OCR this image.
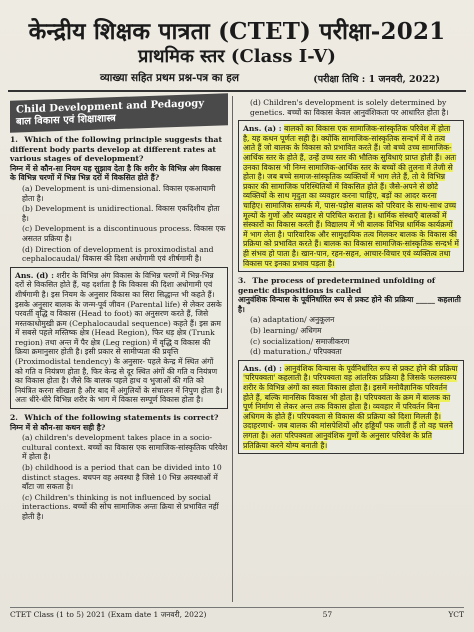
केन्द्रीय शिक्षक पात्रता (CTET) परीक्षा-2021
प्राथमिक स्तर (Class I-V)
व्याख्या सहित प्रथम प्रश्न-पत्र का हल	(परीक्षा तिथि : 1 जनवरी, 2022)
Child Development and Pedagogy
बाल विकास एवं शिक्षाशास्त्र
1. Which of the following principle suggests that different body parts develop at different rates at various stages of development?
निम्न में से कौन-सा नियम यह सुझाव देता है कि शरीर के विभिन्न अंग विकास के विभिन्न चरणों में भिन्न भिन्न दरों में विकसित होते हैं?
(a) Development is uni-dimensional. विकास एकआयामी होता है।
(b) Development is unidirectional. विकास एकदिशीय होता है।
(c) Development is a discontinuous process. विकास एक असतत प्रक्रिया है।
(d) Direction of development is proximodistal and cephalocaudal/ विकास की दिशा अधोगामी एवं शीर्षगामी है।
Ans. (d) : शरीर के विभिन्न अंग विकास के विभिन्न चरणों में भिन्न-भिन्न दरों से विकसित होते हैं, यह दर्शाता है कि विकास की दिशा अधोगामी एवं शीर्षगामी है। इस नियम के अनुसार विकास का सिरा सिद्धान्त भी कहते हैं। इसके अनुसार बालक के जन्म-पूर्व जीवन (Parental life) से लेकर उसके परवर्ती वृद्धि व विकास (Head to foot) का अनुसरण करते हैं, जिसे मस्तकाधोमुखी क्रम (Cephalocaudal sequence) कहते हैं। इस क्रम में सबसे पहले मस्तिष्क क्षेत्र (Head Region), फिर धड़ क्षेत्र (Trunk region) तथा अन्त में पैर क्षेत्र (Leg region) में वृद्धि व विकास की क्रिया क्रमानुसार होती है। इसी प्रकार से सामीप्यता की प्रवृत्ति (Proximodistal tendency) के अनुसार- पहले केन्द्र में स्थित अंगों को गति व नियंत्रण होता है, फिर केन्द्र से दूर स्थित अंगों की गति व नियंत्रण का विकास होता है। जैसे कि बालक पहले हाथ व भुजाओं की गति को नियंत्रित करना सीखता है और बाद में अंगुलियों के संचालन में निपुण होता है। अतः धीरे-धीरे विभिन्न शरीर के भाग में विकास सम्पूर्ण विकास होता है।
2. Which of the following statements is correct?
निम्न में से कौन-सा कथन सही है?
(a) children's development takes place in a socio-cultural context. बच्चों का विकास एक सामाजिक-सांस्कृतिक परिवेश में होता है।
(b) childhood is a period that can be divided into 10 distinct stages. बचपन वह अवस्था है जिसे 10 भिन्न अवस्थाओं में बाँटा जा सकता है।
(c) Children's thinking is not influenced by social interactions. बच्चों की सोच सामाजिक अन्तः क्रिया से प्रभावित नहीं होती है।
(d) Children's development is solely determined by genetics. बच्चों का विकास केवल आनुवंशिकता पर आधारित होता है।
Ans. (a) : बालकों का विकास एक सामाजिक-सांस्कृतिक परिवेश में होता है, यह कथन पूर्णतः सही है। क्योंकि सामाजिक-सांस्कृतिक सन्दर्भ में वे तत्व आते हैं जो बालक के विकास को प्रभावित करते हैं। जो बच्चे उच्च सामाजिक-आर्थिक स्तर के होते हैं, उन्हें उच्च स्तर की भौतिक सुविधाएं प्राप्त होती हैं। अतः उनका विकास भी निम्न सामाजिक-आर्थिक स्तर के बच्चों की तुलना में तेजी से होता है। जब बच्चे समाज-सांस्कृतिक व्यक्तियों में भाग लेते हैं, तो वे विभिन्न प्रकार की सामाजिक परिस्थितियों में विकसित होते हैं। जैसे-अपने से छोटे व्यक्तियों के साथ मृदुता का व्यवहार करना चाहिए, बड़ों का आदर करना चाहिए। सामाजिक सम्पर्क में, पास-पड़ोस बालक को परिवार के साथ-साथ उच्च मूल्यों के गुणों और व्यवहार से परिचित कराता है। धार्मिक संस्थाएँ बालकों में संस्कारों का विकास करती हैं। विद्यालय में भी बालक विभिन्न धार्मिक कार्यक्रमों में भाग लेता है। पारिवारिक और सामुदायिक तत्व मिलकर बालक के विकास की प्रक्रिया को प्रभावित करते हैं। बालक का विकास सामाजिक-सांस्कृतिक सन्दर्भ में ही संभव हो पाता है। खान-पान, रहन-सहन, आचार-विचार एवं व्यक्तित्व तथा विकास पर इनका प्रभाव पड़ता है।
3. The process of predetermined unfolding of genetic dispositions is called
आनुवंशिक विन्यास के पूर्वनिर्धारित रूप से प्रकट होने की प्रक्रिया _____ कहलाती है।
(a) adaptation/ अनुकूलन
(b) learning/ अधिगम
(c) socialization/ समाजीकरण
(d) maturation./ परिपक्वता
Ans. (d) : आनुवंशिक विन्यास के पूर्वनिर्धारित रूप से प्रकट होने की प्रक्रिया 'परिपक्वता' कहलाती है। परिपक्वता वह आंतरिक प्रक्रिया है जिसके फलस्वरूप शरीर के विभिन्न अंगों का स्वतः विकास होता है। इसमें मनोवैज्ञानिक परिवर्तन होते हैं, बल्कि मानसिक विकास भी होता है। परिपक्वता के क्रम में बालक का पूर्ण निर्माण से लेकर अन्त तक विकास होता है। व्यवहार में परिवर्तन बिना अधिगम के होते हैं। परिपक्वता से विकास की प्रक्रिया को दिशा मिलती है। उदाहरणार्थ- जब बालक की मांसपेशियों और हड्डियाँ पक जाती हैं तो वह चलने लगता है। अतः परिपक्वता आनुवंशिक गुणों के अनुसार परिवेश के प्रति प्रतिक्रिया करने योग्य बनाती है।
CTET Class (1 to 5) 2021 (Exam date 1 जनवरी, 2022)	57	YCT
